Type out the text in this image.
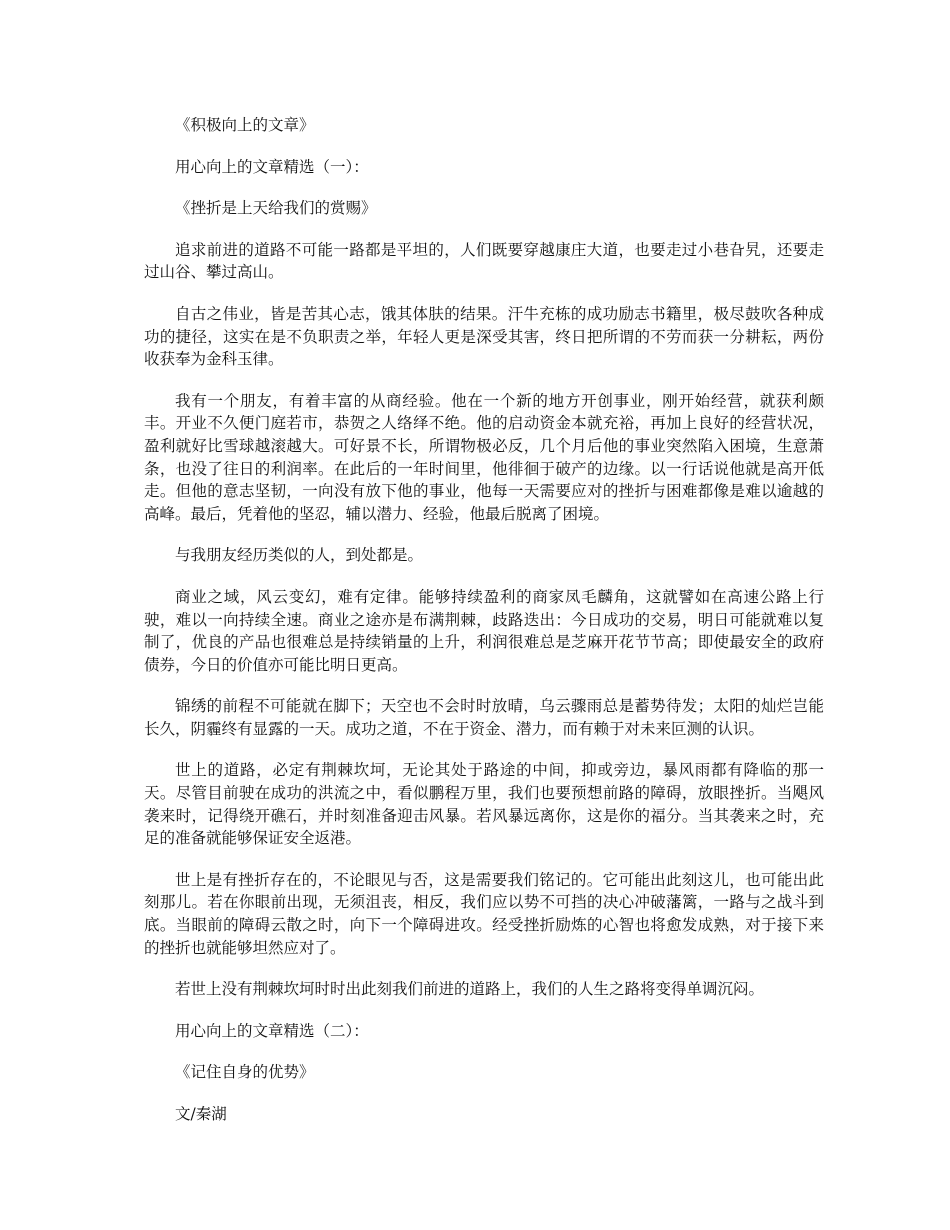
《积极向上的文章》
用心向上的文章精选（一）：
《挫折是上天给我们的赏赐》

追求前进的道路不可能一路都是平坦的，人们既要穿越康庄大道，也要走过小巷旮旯，还要走过山谷、攀过高山。

自古之伟业，皆是苦其心志，饿其体肤的结果。汗牛充栋的成功励志书籍里，极尽鼓吹各种成功的捷径，这实在是不负职责之举，年轻人更是深受其害，终日把所谓的不劳而获一分耕耘，两份收获奉为金科玉律。

我有一个朋友，有着丰富的从商经验。他在一个新的地方开创事业，刚开始经营，就获利颇丰。开业不久便门庭若市，恭贺之人络绎不绝。他的启动资金本就充裕，再加上良好的经营状况，盈利就好比雪球越滚越大。可好景不长，所谓物极必反，几个月后他的事业突然陷入困境，生意萧条，也没了往日的利润率。在此后的一年时间里，他徘徊于破产的边缘。以一行话说他就是高开低走。但他的意志坚韧，一向没有放下他的事业，他每一天需要应对的挫折与困难都像是难以逾越的高峰。最后，凭着他的坚忍，辅以潜力、经验，他最后脱离了困境。

与我朋友经历类似的人，到处都是。

商业之域，风云变幻，难有定律。能够持续盈利的商家凤毛麟角，这就譬如在高速公路上行驶，难以一向持续全速。商业之途亦是布满荆棘，歧路迭出：今日成功的交易，明日可能就难以复制了，优良的产品也很难总是持续销量的上升，利润很难总是芝麻开花节节高；即使最安全的政府债券，今日的价值亦可能比明日更高。

锦绣的前程不可能就在脚下；天空也不会时时放晴，乌云骤雨总是蓄势待发；太阳的灿烂岂能长久，阴霾终有显露的一天。成功之道，不在于资金、潜力，而有赖于对未来叵测的认识。

世上的道路，必定有荆棘坎坷，无论其处于路途的中间，抑或旁边，暴风雨都有降临的那一天。尽管目前驶在成功的洪流之中，看似鹏程万里，我们也要预想前路的障碍，放眼挫折。当飓风袭来时，记得绕开礁石，并时刻准备迎击风暴。若风暴远离你，这是你的福分。当其袭来之时，充足的准备就能够保证安全返港。

世上是有挫折存在的，不论眼见与否，这是需要我们铭记的。它可能出此刻这儿，也可能出此刻那儿。若在你眼前出现，无须沮丧，相反，我们应以势不可挡的决心冲破藩篱，一路与之战斗到底。当眼前的障碍云散之时，向下一个障碍进攻。经受挫折励炼的心智也将愈发成熟，对于接下来的挫折也就能够坦然应对了。

若世上没有荆棘坎坷时时出此刻我们前进的道路上，我们的人生之路将变得单调沉闷。

用心向上的文章精选（二）：
《记住自身的优势》
文/秦湖
